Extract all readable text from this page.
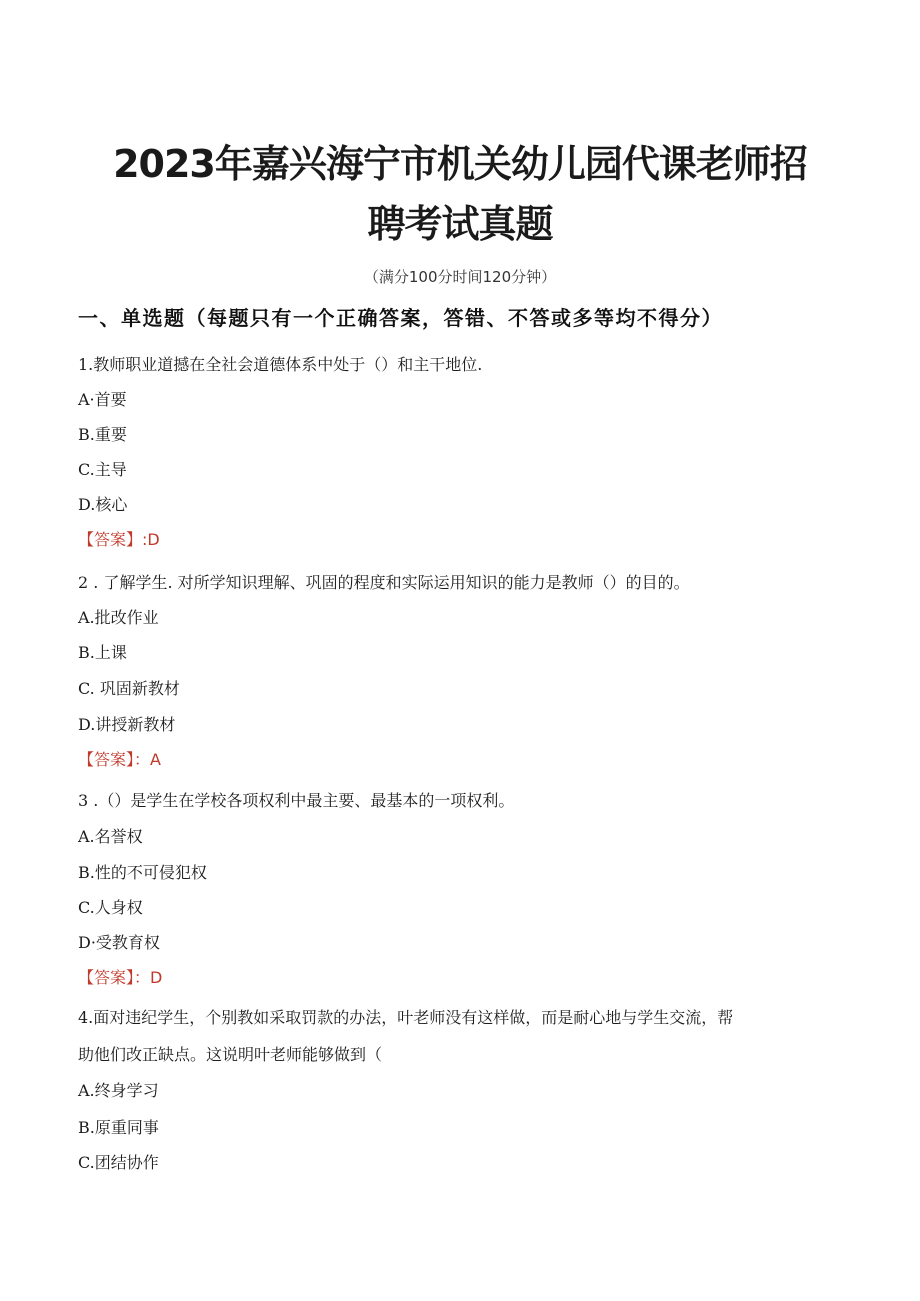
2023年嘉兴海宁市机关幼儿园代课老师招
聘考试真题
（满分100分时间120分钟）
一、单选题（每题只有一个正确答案，答错、不答或多等均不得分）
1.教师职业道撼在全社会道德体系中处于（）和主干地位.
A·首要
B.重要
C.主导
D.核心
【答案】:D
2 . 了解学生. 对所学知识理解、巩固的程度和实际运用知识的能力是教师（）的目的。
A.批改作业
B.上课
C. 巩固新教材
D.讲授新教材
【答案】：A
3 .（）是学生在学校各项权利中最主要、最基本的一项权利。
A.名誉权
B.性的不可侵犯权
C.人身权
D·受教育权
【答案】：D
4.面对违纪学生，个别教如采取罚款的办法，叶老师没有这样做，而是耐心地与学生交流，帮
助他们改正缺点。这说明叶老师能够做到（
A.终身学习
B.原重同事
C.团结协作
